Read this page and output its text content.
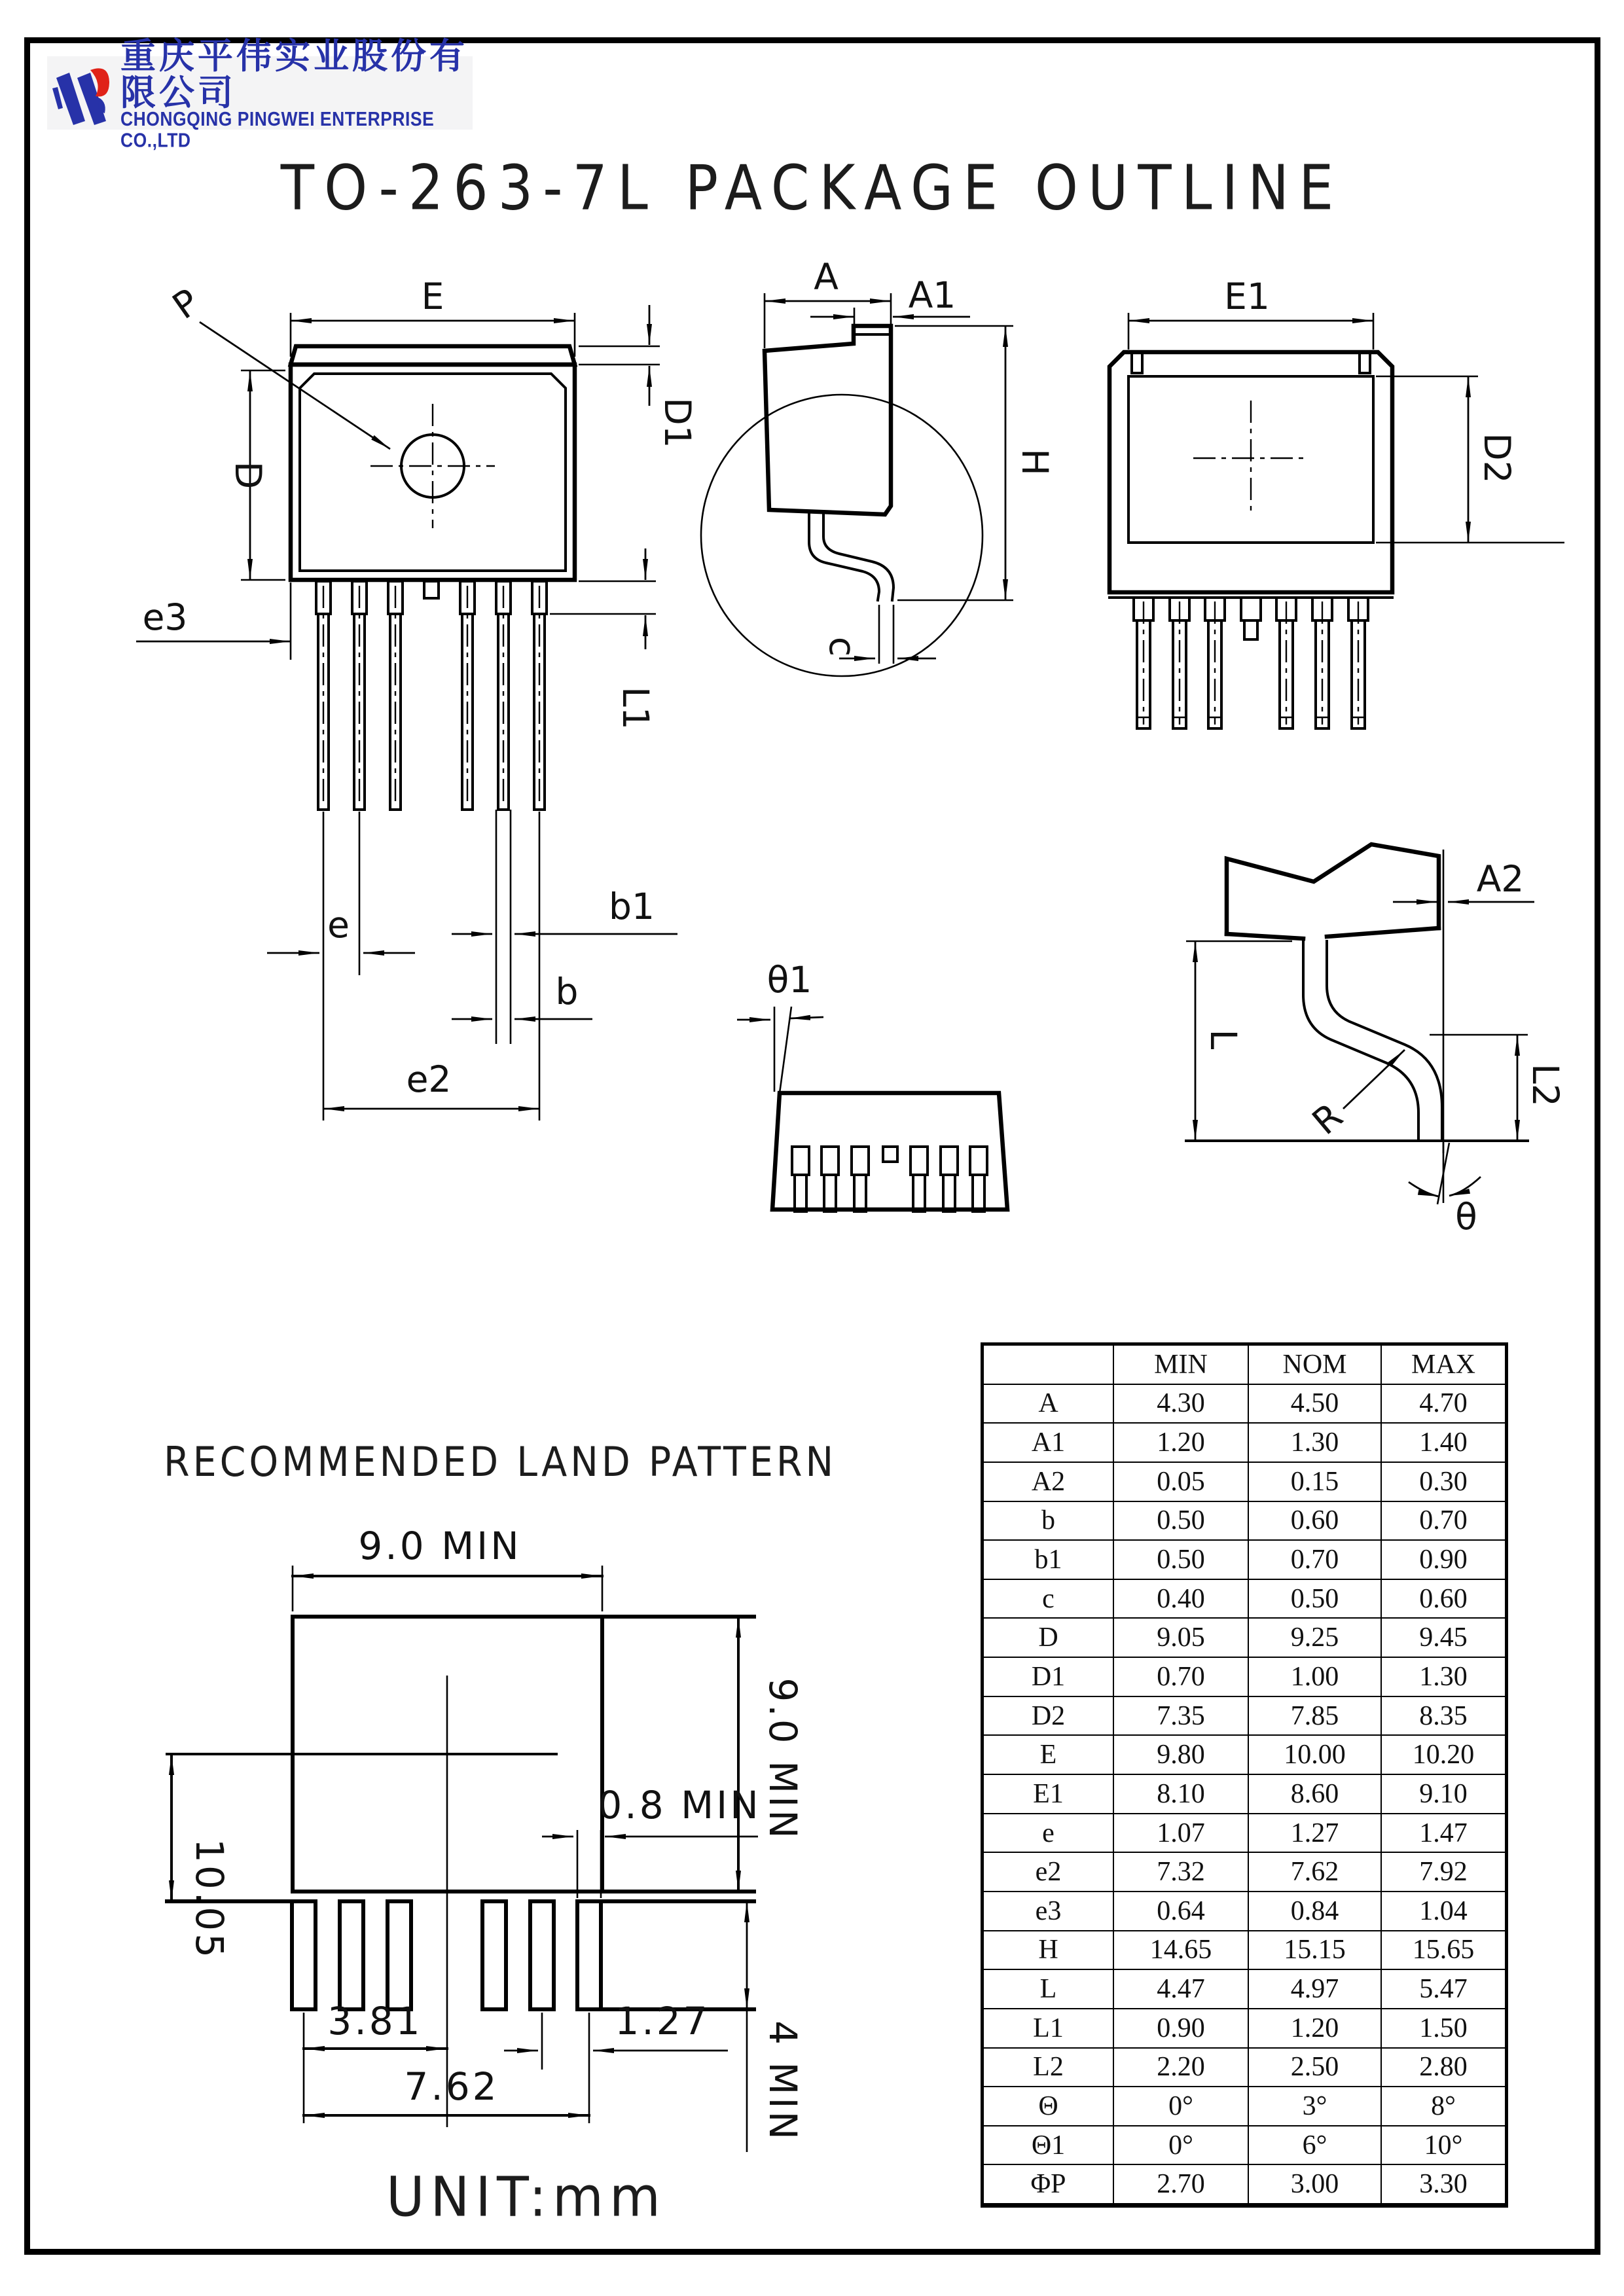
重庆平伟实业股份有限公司
CHONGQING PINGWEI ENTERPRISE CO.,LTD
TO-263-7L PACKAGE OUTLINE
RECOMMENDED LAND PATTERN
UNIT:mm
E
P
D
D1
L1
e3
e	b1
b
e2
A A1
H
c
E1
D2
θ1
A2
L
L2
R
θ
9.0 MIN
9.0 MIN
10.05
0.8 MIN
3.81	1.27
7.62	4 MIN
MIN	NOM	MAX
A	4.30	4.50	4.70
A1	1.20	1.30	1.40
A2	0.05	0.15	0.30
b	0.50	0.60	0.70
b1	0.50	0.70	0.90
c	0.40	0.50	0.60
D	9.05	9.25	9.45
D1	0.70	1.00	1.30
D2	7.35	7.85	8.35
E	9.80	10.00	10.20
E1	8.10	8.60	9.10
e	1.07	1.27	1.47
e2	7.32	7.62	7.92
e3	0.64	0.84	1.04
H	14.65	15.15	15.65
L	4.47	4.97	5.47
L1	0.90	1.20	1.50
L2	2.20	2.50	2.80
Θ	0°	3°	8°
Θ1	0°	6°	10°
ΦP	2.70	3.00	3.30
